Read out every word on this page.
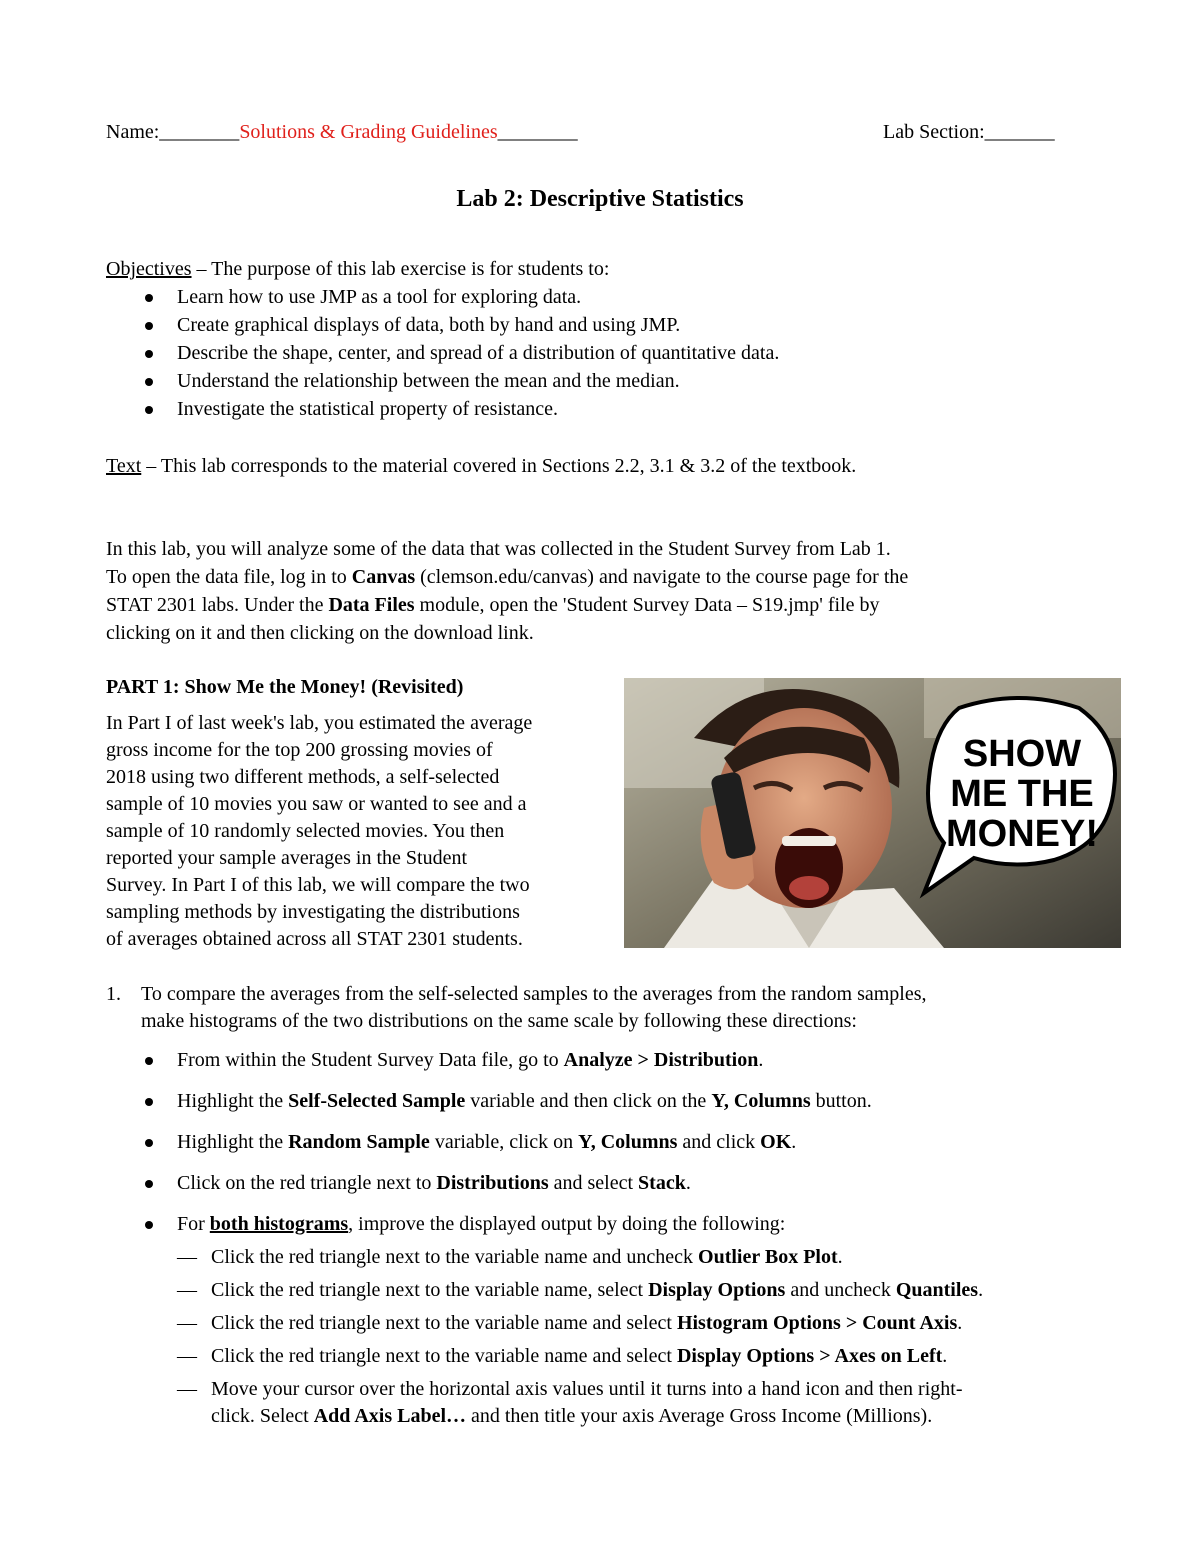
Name:________Solutions & Grading Guidelines________	Lab Section:_______
Lab 2: Descriptive Statistics
Objectives – The purpose of this lab exercise is for students to:
Learn how to use JMP as a tool for exploring data.
Create graphical displays of data, both by hand and using JMP.
Describe the shape, center, and spread of a distribution of quantitative data.
Understand the relationship between the mean and the median.
Investigate the statistical property of resistance.
Text – This lab corresponds to the material covered in Sections 2.2, 3.1 & 3.2 of the textbook.
In this lab, you will analyze some of the data that was collected in the Student Survey from Lab 1.
To open the data file, log in to Canvas (clemson.edu/canvas) and navigate to the course page for the
STAT 2301 labs. Under the Data Files module, open the 'Student Survey Data – S19.jmp' file by
clicking on it and then clicking on the download link.
PART 1: Show Me the Money! (Revisited)
In Part I of last week's lab, you estimated the average
gross income for the top 200 grossing movies of
2018 using two different methods, a self-selected
sample of 10 movies you saw or wanted to see and a
sample of 10 randomly selected movies. You then
reported your sample averages in the Student
Survey. In Part I of this lab, we will compare the two
sampling methods by investigating the distributions
of averages obtained across all STAT 2301 students.
SHOW
ME THE
MONEY!
1. To compare the averages from the self-selected samples to the averages from the random samples,
make histograms of the two distributions on the same scale by following these directions:
From within the Student Survey Data file, go to Analyze > Distribution.
Highlight the Self-Selected Sample variable and then click on the Y, Columns button.
Highlight the Random Sample variable, click on Y, Columns and click OK.
Click on the red triangle next to Distributions and select Stack.
For both histograms, improve the displayed output by doing the following:
— Click the red triangle next to the variable name and uncheck Outlier Box Plot.
— Click the red triangle next to the variable name, select Display Options and uncheck Quantiles.
— Click the red triangle next to the variable name and select Histogram Options > Count Axis.
— Click the red triangle next to the variable name and select Display Options > Axes on Left.
— Move your cursor over the horizontal axis values until it turns into a hand icon and then right-
click. Select Add Axis Label… and then title your axis Average Gross Income (Millions).
